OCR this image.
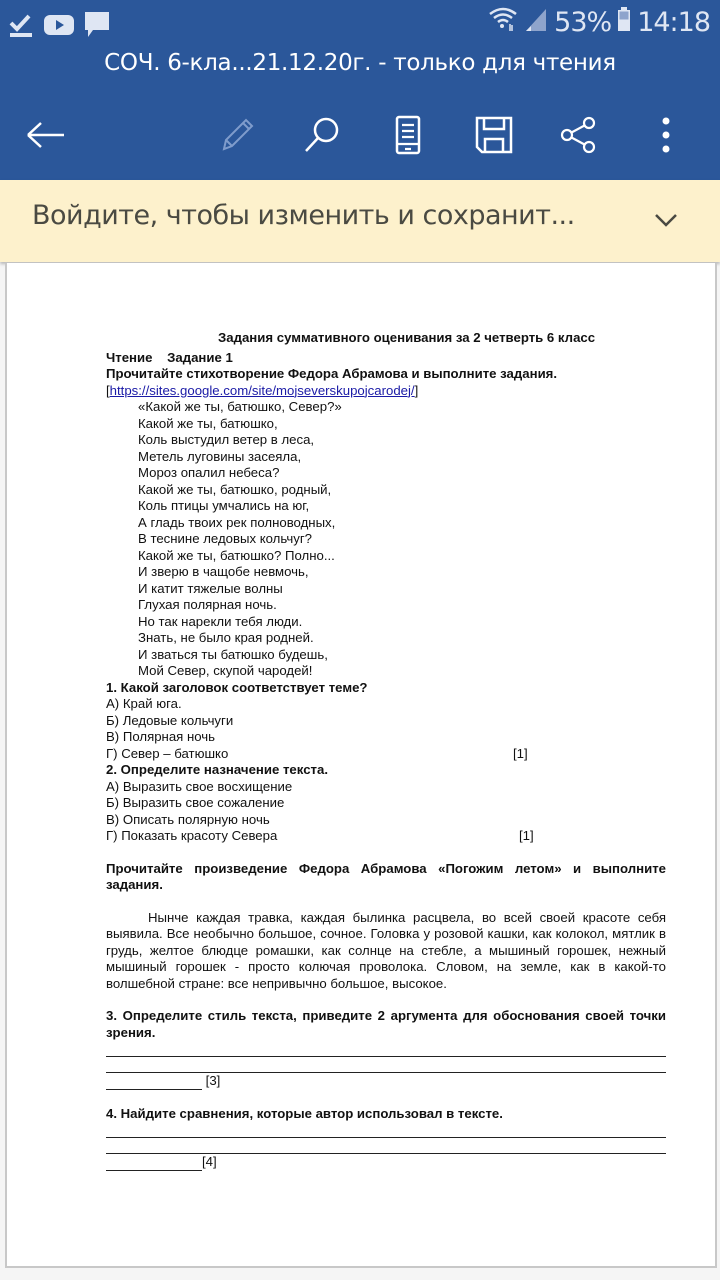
53% 14:18
СОЧ. 6-кла...21.12.20г. - только для чтения
Войдите, чтобы изменить и сохранит...
Задания суммативного оценивания за 2 четверть 6 класс
Чтение    Задание 1
Прочитайте стихотворение Федора Абрамова и выполните задания.
[https://sites.google.com/site/mojseverskupojcarodej/]
«Какой же ты, батюшко, Север?»
Какой же ты, батюшко,
Коль выстудил ветер в леса,
Метель луговины засеяла,
Мороз опалил небеса?
Какой же ты, батюшко, родный,
Коль птицы умчались на юг,
А гладь твоих рек полноводных,
В теснине ледовых кольчуг?
Какой же ты, батюшко? Полно...
И зверю в чащобе невмочь,
И катит тяжелые волны
Глухая полярная ночь.
Но так нарекли тебя люди.
Знать, не было края родней.
И зваться ты батюшко будешь,
Мой Север, скупой чародей!
1. Какой заголовок соответствует теме?
А) Край юга.
Б) Ледовые кольчуги
В) Полярная ночь
Г) Север – батюшко	[1]
2. Определите назначение текста.
А) Выразить свое восхищение
Б) Выразить свое сожаление
В) Описать полярную ночь
Г) Показать красоту Севера	[1]
Прочитайте произведение Федора Абрамова «Погожим летом» и выполните задания.
Нынче каждая травка, каждая былинка расцвела, во всей своей красоте себя выявила. Все необычно большое, сочное. Головка у розовой кашки, как колокол, мятлик в грудь, желтое блюдце ромашки, как солнце на стебле, а мышиный горошек, нежный мышиный горошек - просто колючая проволока. Словом, на земле, как в какой-то волшебной стране: все непривычно большое, высокое.
3. Определите стиль текста, приведите 2 аргумента для обоснования своей точки зрения.
[3]
4. Найдите сравнения, которые автор использовал в тексте.
[4]
